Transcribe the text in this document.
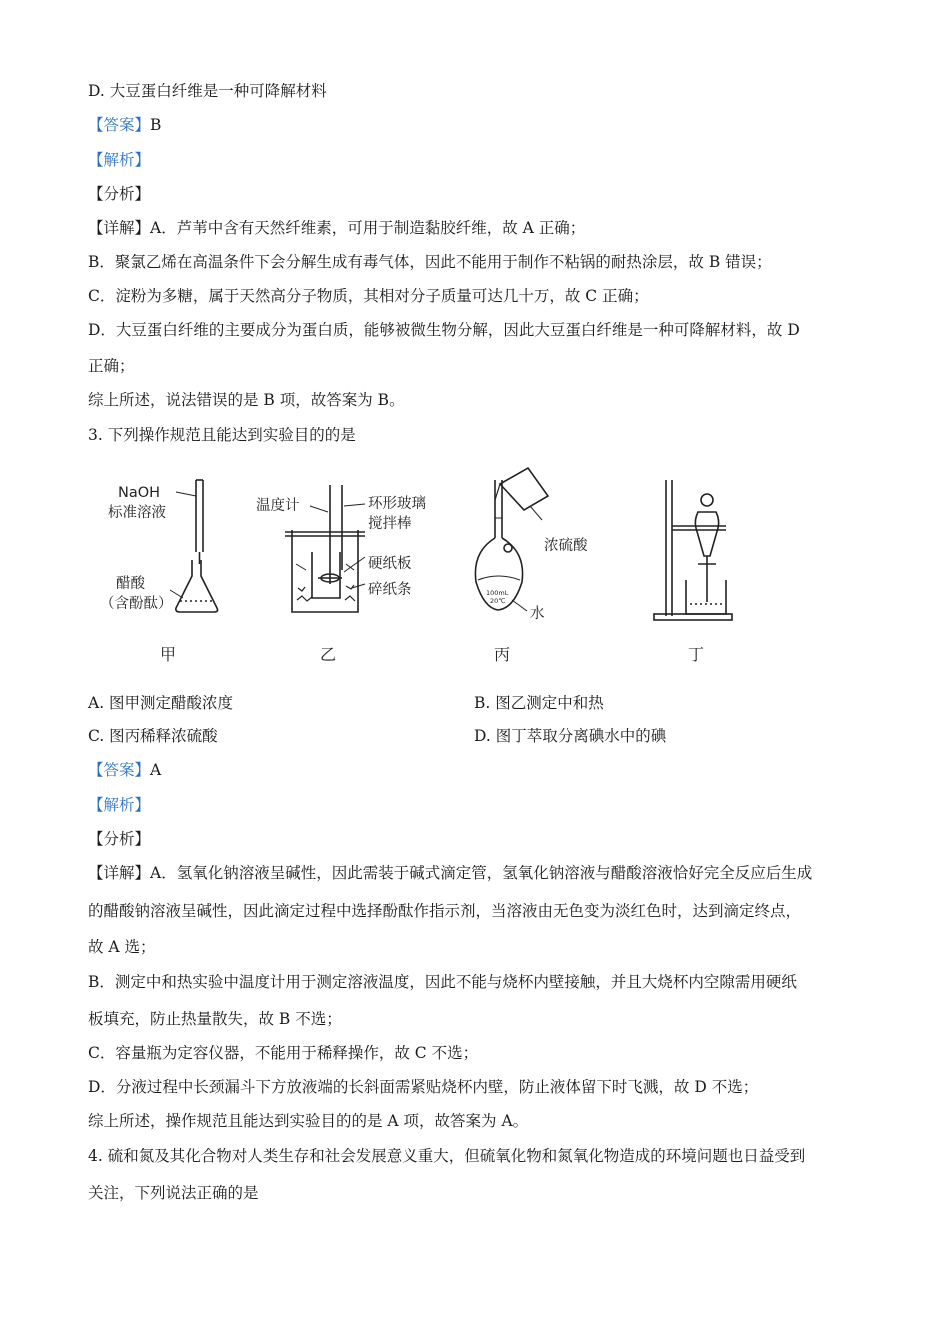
D. 大豆蛋白纤维是一种可降解材料
【答案】B
【解析】
【分析】
【详解】A．芦苇中含有天然纤维素，可用于制造黏胶纤维，故 A 正确；
B．聚氯乙烯在高温条件下会分解生成有毒气体，因此不能用于制作不粘锅的耐热涂层，故 B 错误；
C．淀粉为多糖，属于天然高分子物质，其相对分子质量可达几十万，故 C 正确；
D．大豆蛋白纤维的主要成分为蛋白质，能够被微生物分解，因此大豆蛋白纤维是一种可降解材料，故 D
正确；
综上所述，说法错误的是 B 项，故答案为 B。
3. 下列操作规范且能达到实验目的的是
NaOH
标准溶液
醋酸
（含酚酞）
温度计	环形玻璃
搅拌棒
硬纸板
碎纸条
浓硫酸
水
100mL
20℃
甲	乙	丙	丁
A. 图甲测定醋酸浓度	B. 图乙测定中和热
C. 图丙稀释浓硫酸	D. 图丁萃取分离碘水中的碘
【答案】A
【解析】
【分析】
【详解】A．氢氧化钠溶液呈碱性，因此需装于碱式滴定管，氢氧化钠溶液与醋酸溶液恰好完全反应后生成
的醋酸钠溶液呈碱性，因此滴定过程中选择酚酞作指示剂，当溶液由无色变为淡红色时，达到滴定终点，
故 A 选；
B．测定中和热实验中温度计用于测定溶液温度，因此不能与烧杯内壁接触，并且大烧杯内空隙需用硬纸
板填充，防止热量散失，故 B 不选；
C．容量瓶为定容仪器，不能用于稀释操作，故 C 不选；
D．分液过程中长颈漏斗下方放液端的长斜面需紧贴烧杯内壁，防止液体留下时飞溅，故 D 不选；
综上所述，操作规范且能达到实验目的的是 A 项，故答案为 A。
4. 硫和氮及其化合物对人类生存和社会发展意义重大，但硫氧化物和氮氧化物造成的环境问题也日益受到
关注，下列说法正确的是
